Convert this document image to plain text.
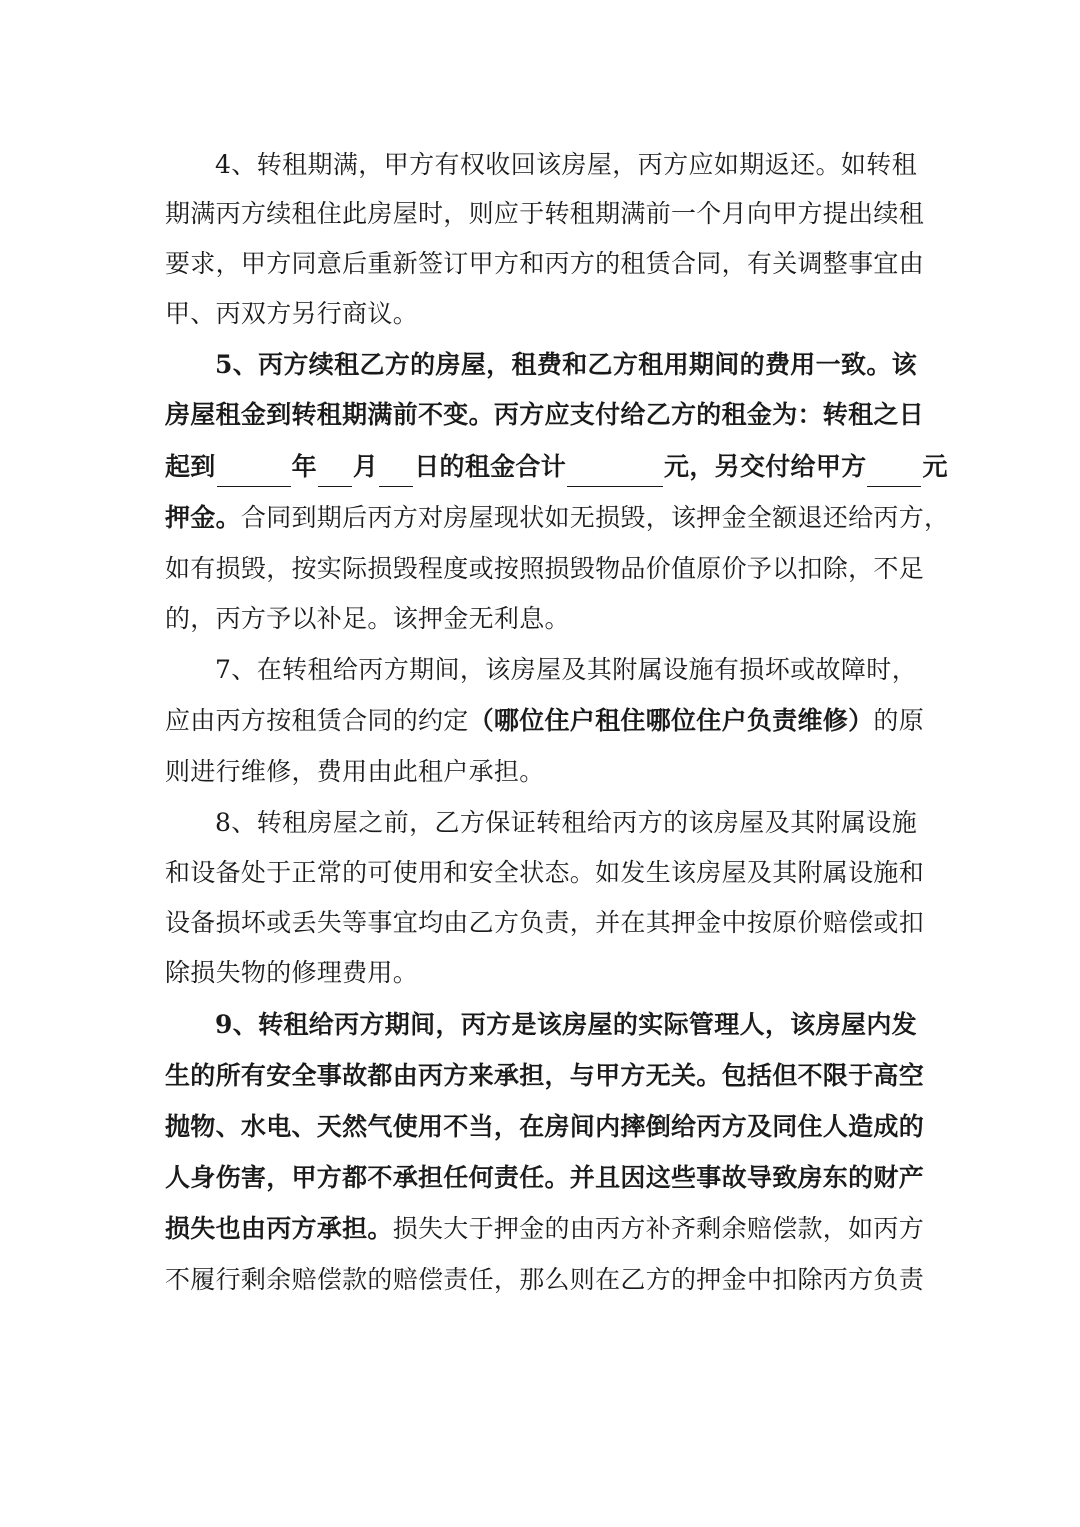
4、转租期满，甲方有权收回该房屋，丙方应如期返还。如转租
期满丙方续租住此房屋时，则应于转租期满前一个月向甲方提出续租
要求，甲方同意后重新签订甲方和丙方的租赁合同，有关调整事宜由
甲、丙双方另行商议。
5、丙方续租乙方的房屋，租费和乙方租用期间的费用一致。该
房屋租金到转租期满前不变。丙方应支付给乙方的租金为：转租之日
起到	年 月 日的租金合计	元，另交付给甲方 元
押金。合同到期后丙方对房屋现状如无损毁，该押金全额退还给丙方，
如有损毁，按实际损毁程度或按照损毁物品价值原价予以扣除，不足
的，丙方予以补足。该押金无利息。
7、在转租给丙方期间，该房屋及其附属设施有损坏或故障时，
应由丙方按租赁合同的约定（哪位住户租住哪位住户负责维修）的原
则进行维修，费用由此租户承担。
8、转租房屋之前，乙方保证转租给丙方的该房屋及其附属设施
和设备处于正常的可使用和安全状态。如发生该房屋及其附属设施和
设备损坏或丢失等事宜均由乙方负责，并在其押金中按原价赔偿或扣
除损失物的修理费用。
9、转租给丙方期间，丙方是该房屋的实际管理人，该房屋内发
生的所有安全事故都由丙方来承担，与甲方无关。包括但不限于高空
抛物、水电、天然气使用不当，在房间内摔倒给丙方及同住人造成的
人身伤害，甲方都不承担任何责任。并且因这些事故导致房东的财产
损失也由丙方承担。损失大于押金的由丙方补齐剩余赔偿款，如丙方
不履行剩余赔偿款的赔偿责任，那么则在乙方的押金中扣除丙方负责
